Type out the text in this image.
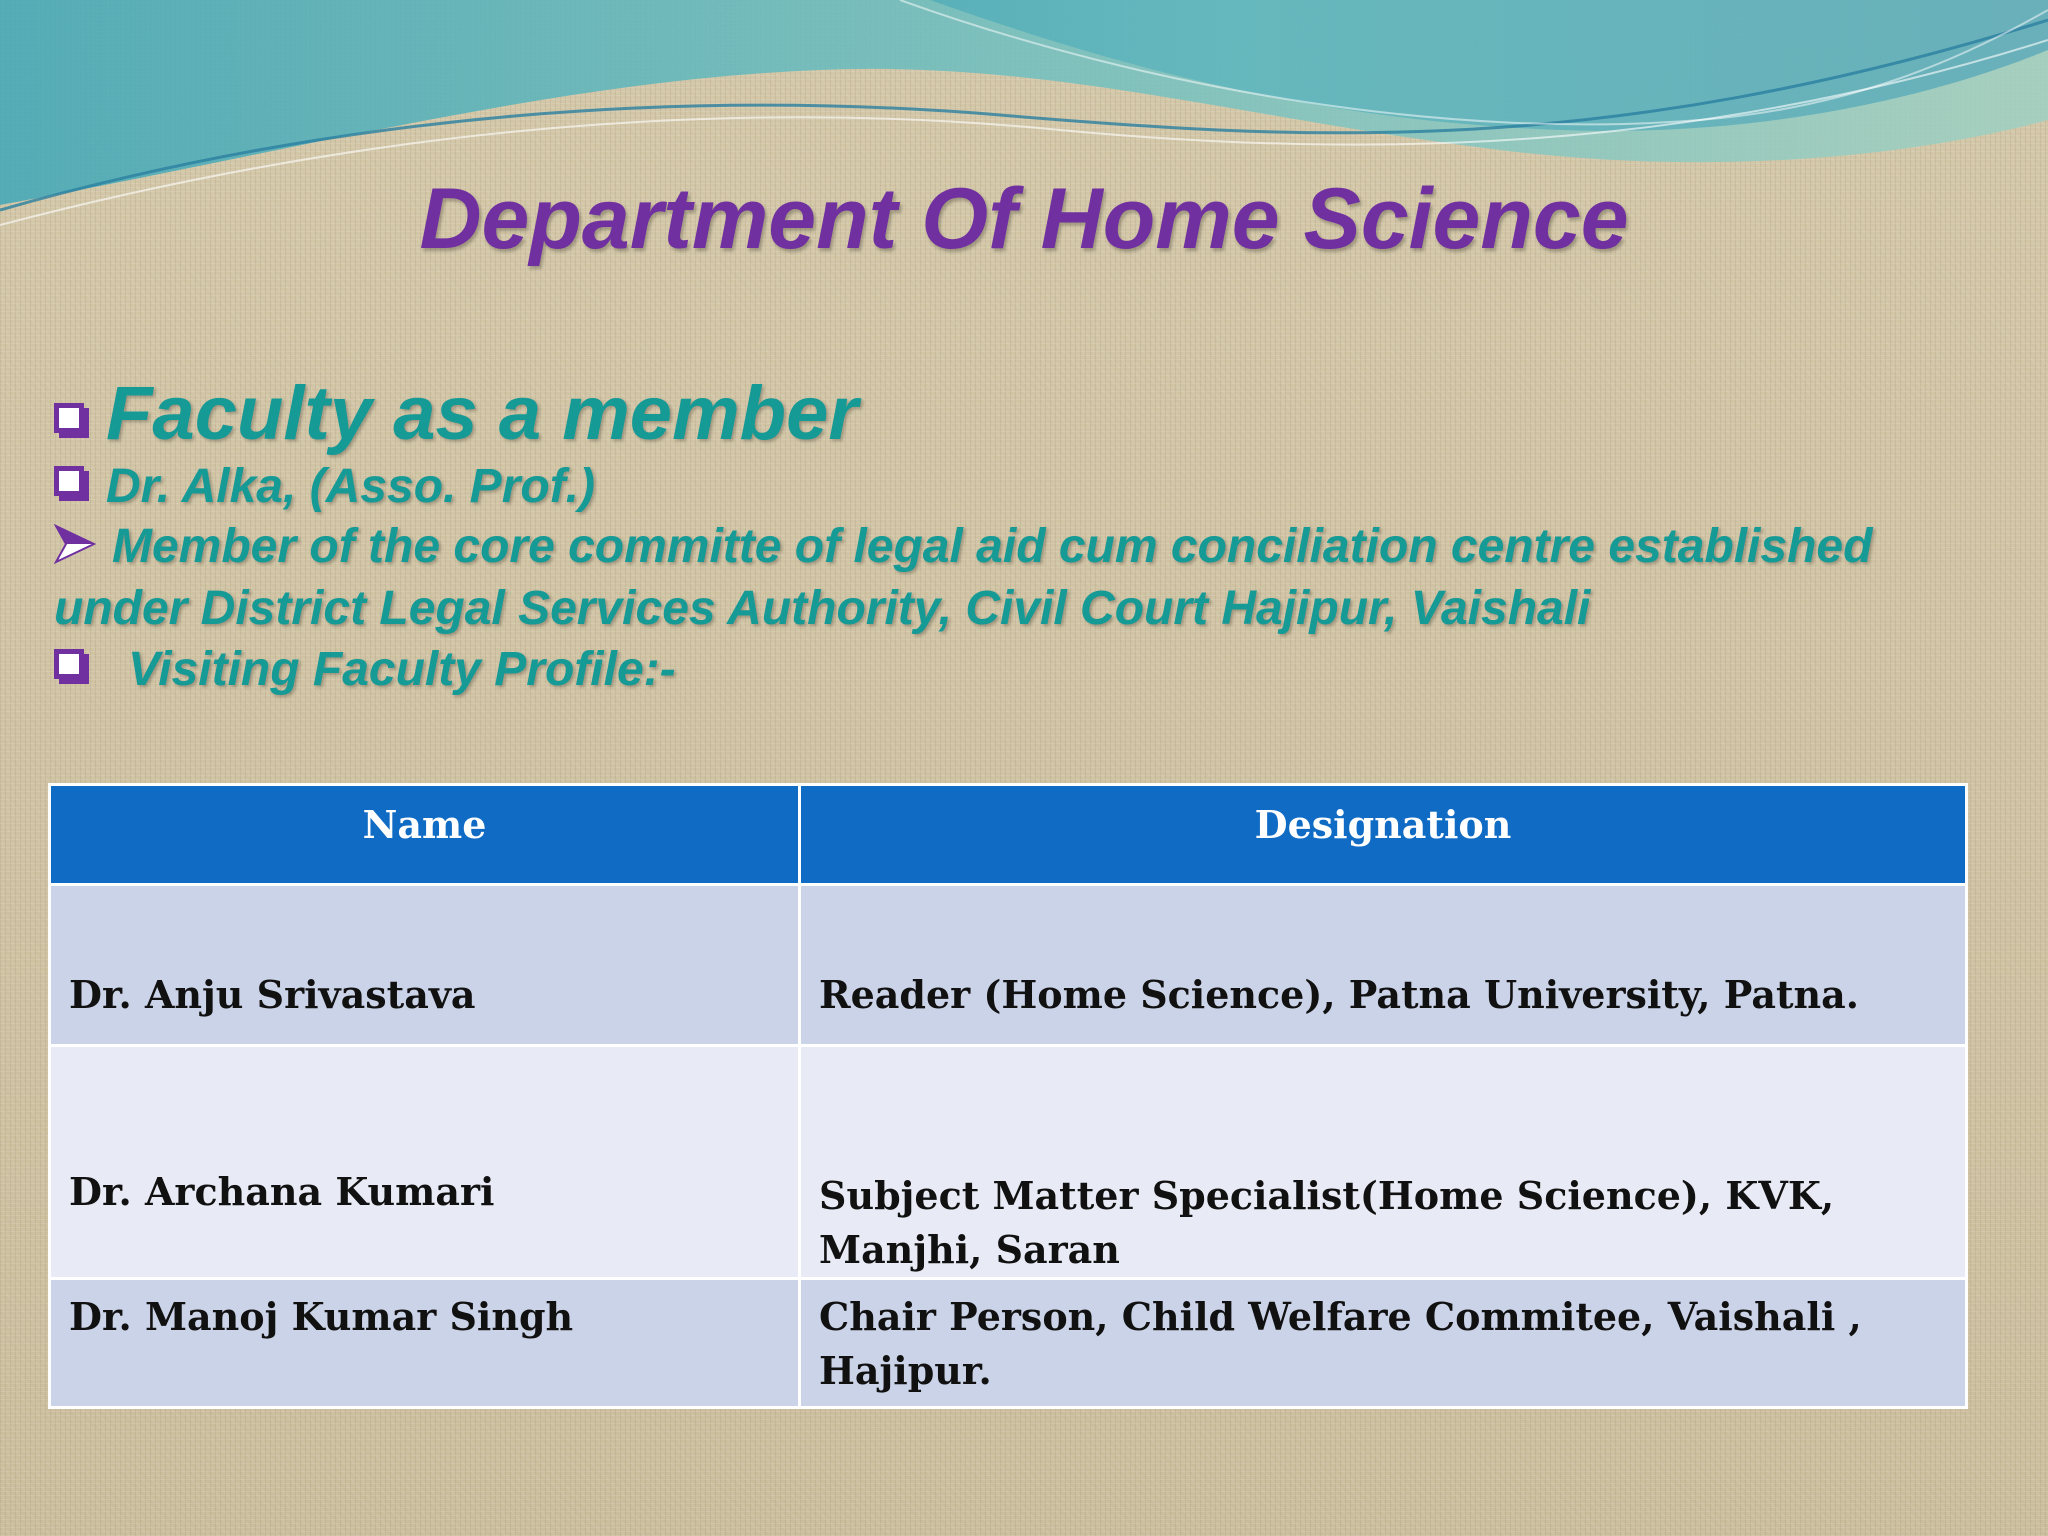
Department Of Home Science
Faculty as a member
Dr. Alka, (Asso. Prof.)
Member of the core committe of legal aid cum conciliation centre established under District Legal Services Authority, Civil Court Hajipur, Vaishali
Visiting Faculty Profile:-
Name	Designation

Dr. Anju Srivastava	Reader (Home Science), Patna University, Patna.

Dr. Archana Kumari	Subject Matter Specialist(Home Science), KVK, Manjhi, Saran

Dr. Manoj Kumar Singh	Chair Person, Child Welfare Commitee, Vaishali , Hajipur.
